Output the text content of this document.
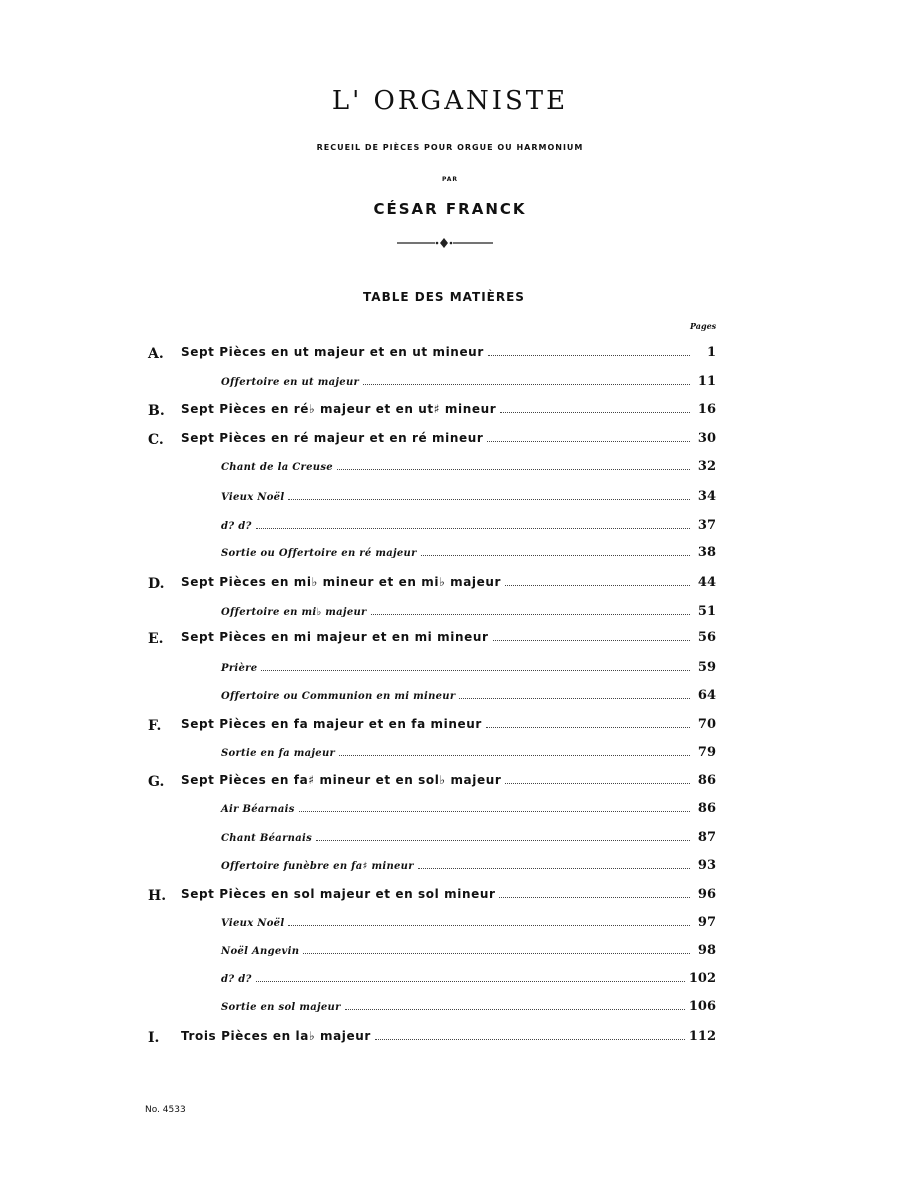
L' ORGANISTE
RECUEIL DE PIÈCES POUR ORGUE OU HARMONIUM
PAR
CÉSAR FRANCK
TABLE DES MATIÈRES
Pages
A. Sept Pièces en ut majeur et en ut mineur	1
Offertoire en ut majeur	11
B. Sept Pièces en ré♭ majeur et en ut♯ mineur	16
C. Sept Pièces en ré majeur et en ré mineur	30
Chant de la Creuse	32
Vieux Noël	34
d? d?	37
Sortie ou Offertoire en ré majeur	38
D. Sept Pièces en mi♭ mineur et en mi♭ majeur	44
Offertoire en mi♭ majeur	51
E. Sept Pièces en mi majeur et en mi mineur	56
Prière	59
Offertoire ou Communion en mi mineur	64
F. Sept Pièces en fa majeur et en fa mineur	70
Sortie en fa majeur	79
G. Sept Pièces en fa♯ mineur et en sol♭ majeur	86
Air Béarnais	86
Chant Béarnais	87
Offertoire funèbre en fa♯ mineur	93
H. Sept Pièces en sol majeur et en sol mineur	96
Vieux Noël	97
Noël Angevin	98
d? d?	102
Sortie en sol majeur	106
I. Trois Pièces en la♭ majeur	112
No. 4533
